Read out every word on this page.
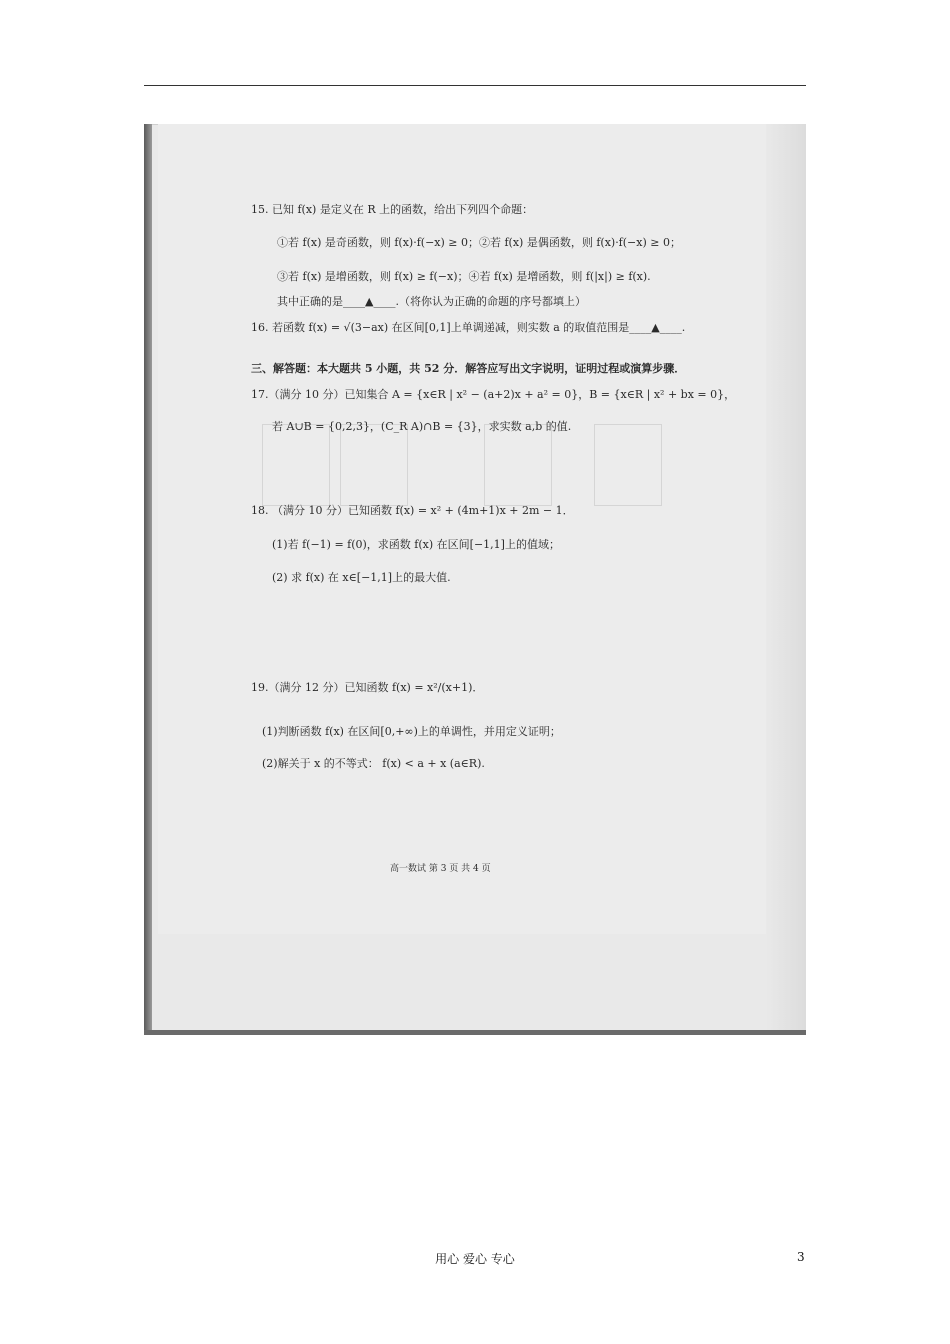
15. 已知 f(x) 是定义在 R 上的函数，给出下列四个命题：
①若 f(x) 是奇函数，则 f(x)·f(−x) ≥ 0；②若 f(x) 是偶函数，则 f(x)·f(−x) ≥ 0；
③若 f(x) 是增函数，则 f(x) ≥ f(−x)；④若 f(x) 是增函数，则 f(|x|) ≥ f(x).
其中正确的是____▲____.（将你认为正确的命题的序号都填上）
16. 若函数 f(x) = √(3−ax) 在区间[0,1]上单调递减，则实数 a 的取值范围是____▲____.
三、解答题：本大题共 5 小题，共 52 分．解答应写出文字说明，证明过程或演算步骤．
17.（满分 10 分）已知集合 A = {x∈R | x² − (a+2)x + a² = 0}，B = {x∈R | x² + bx = 0}，
若 A∪B = {0,2,3}，(C_R A)∩B = {3}，求实数 a,b 的值.
18. （满分 10 分）已知函数 f(x) = x² + (4m+1)x + 2m − 1．
(1)若 f(−1) = f(0)，求函数 f(x) 在区间[−1,1]上的值域；
(2) 求 f(x) 在 x∈[−1,1]上的最大值.
19.（满分 12 分）已知函数 f(x) = x²/(x+1)．
(1)判断函数 f(x) 在区间[0,+∞)上的单调性，并用定义证明；
(2)解关于 x 的不等式： f(x) < a + x (a∈R).
高一数试 第 3 页 共 4 页
用心 爱心 专心	3
